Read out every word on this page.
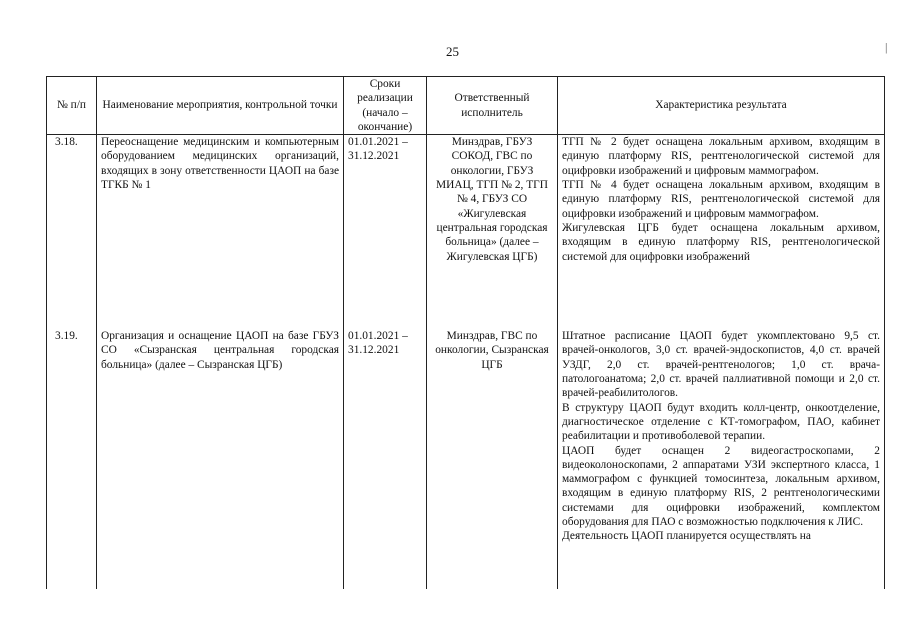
25	|
№ п/п	Наименование мероприятия, контрольной точки	Сроки реализации (начало – окончание)	Ответственный исполнитель	Характеристика результата
3.18.	Переоснащение медицинским и компьютерным оборудованием медицинских организаций, входящих в зону ответственности ЦАОП на базе ТГКБ № 1	01.01.2021 – 31.12.2021	Минздрав, ГБУЗ СОКОД, ГВС по онкологии, ГБУЗ МИАЦ, ТГП № 2, ТГП № 4, ГБУЗ СО «Жигулевская центральная городская больница» (далее – Жигулевская ЦГБ)	ТГП № 2 будет оснащена локальным архивом, входящим в единую платформу RIS, рентгенологической системой для оцифровки изображений и цифровым маммографом.

ТГП № 4 будет оснащена локальным архивом, входящим в единую платформу RIS, рентгенологической системой для оцифровки изображений и цифровым маммографом.

Жигулевская ЦГБ будет оснащена локальным архивом, входящим в единую платформу RIS, рентгенологической системой для оцифровки изображений

3.19.	Организация и оснащение ЦАОП на базе ГБУЗ СО «Сызранская центральная городская больница» (далее – Сызранская ЦГБ)	01.01.2021 – 31.12.2021	Минздрав, ГВС по онкологии, Сызранская ЦГБ	Штатное расписание ЦАОП будет укомплектовано 9,5 ст. врачей-онкологов, 3,0 ст. врачей-эндоскопистов, 4,0 ст. врачей УЗДГ, 2,0 ст. врачей-рентгенологов; 1,0 ст. врача-патологоанатома; 2,0 ст. врачей паллиативной помощи и 2,0 ст. врачей-реабилитологов.

В структуру ЦАОП будут входить колл-центр, онкоотделение, диагностическое отделение с КТ-томографом, ПАО, кабинет реабилитации и противоболевой терапии.

ЦАОП будет оснащен 2 видеогастроскопами, 2 видеоколоноскопами, 2 аппаратами УЗИ экспертного класса, 1 маммографом с функцией томосинтеза, локальным архивом, входящим в единую платформу RIS, 2 рентгенологическими системами для оцифровки изображений, комплектом оборудования для ПАО с возможностью подключения к ЛИС.

Деятельность ЦАОП планируется осуществлять на
